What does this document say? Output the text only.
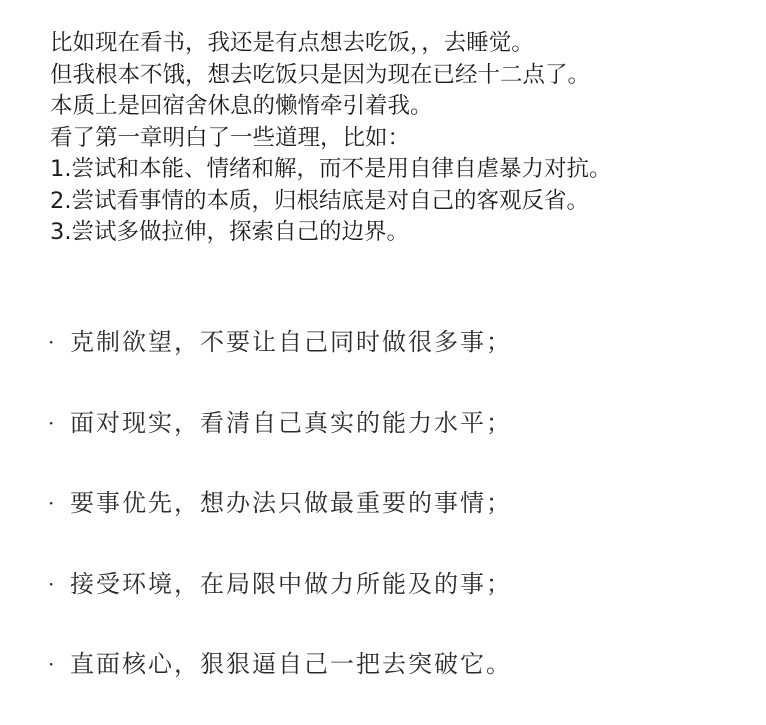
比如现在看书，我还是有点想去吃饭，，去睡觉。
但我根本不饿，想去吃饭只是因为现在已经十二点了。
本质上是回宿舍休息的懒惰牵引着我。
看了第一章明白了一些道理，比如：
1.尝试和本能、情绪和解，而不是用自律自虐暴力对抗。
2.尝试看事情的本质，归根结底是对自己的客观反省。
3.尝试多做拉伸，探索自己的边界。
· 克制欲望，不要让自己同时做很多事；
· 面对现实，看清自己真实的能力水平；
· 要事优先，想办法只做最重要的事情；
· 接受环境，在局限中做力所能及的事；
· 直面核心，狠狠逼自己一把去突破它。
